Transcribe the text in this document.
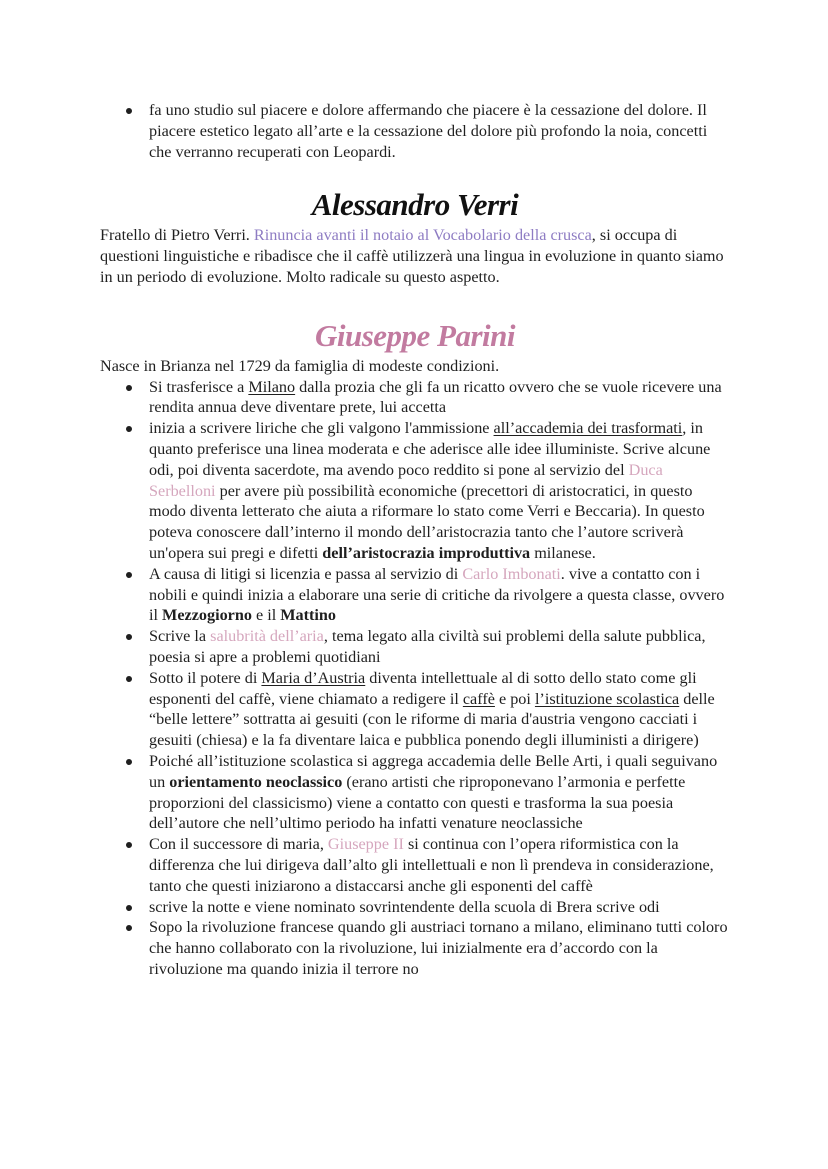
fa uno studio sul piacere e dolore affermando che piacere è la cessazione del dolore. Il piacere estetico legato all’arte e la cessazione del dolore più profondo la noia, concetti che verranno recuperati con Leopardi.
Alessandro Verri

Fratello di Pietro Verri. Rinuncia avanti il notaio al Vocabolario della crusca, si occupa di questioni linguistiche e ribadisce che il caffè utilizzerà una lingua in evoluzione in quanto siamo in un periodo di evoluzione. Molto radicale su questo aspetto.

Giuseppe Parini

Nasce in Brianza nel 1729 da famiglia di modeste condizioni.

Si trasferisce a Milano dalla prozia che gli fa un ricatto ovvero che se vuole ricevere una rendita annua deve diventare prete, lui accetta
inizia a scrivere liriche che gli valgono l'ammissione all’accademia dei trasformati, in quanto preferisce una linea moderata e che aderisce alle idee illuministe. Scrive alcune odi, poi diventa sacerdote, ma avendo poco reddito si pone al servizio del Duca Serbelloni per avere più possibilità economiche (precettori di aristocratici, in questo modo diventa letterato che aiuta a riformare lo stato come Verri e Beccaria). In questo poteva conoscere dall’interno il mondo dell’aristocrazia tanto che l’autore scriverà un'opera sui pregi e difetti dell’aristocrazia improduttiva milanese.
A causa di litigi si licenzia e passa al servizio di Carlo Imbonati. vive a contatto con i nobili e quindi inizia a elaborare una serie di critiche da rivolgere a questa classe, ovvero il Mezzogiorno e il Mattino
Scrive la salubrità dell’aria, tema legato alla civiltà sui problemi della salute pubblica, poesia si apre a problemi quotidiani
Sotto il potere di Maria d’Austria diventa intellettuale al di sotto dello stato come gli esponenti del caffè, viene chiamato a redigere il caffè e poi l’istituzione scolastica delle “belle lettere” sottratta ai gesuiti (con le riforme di maria d'austria vengono cacciati i gesuiti (chiesa) e la fa diventare laica e pubblica ponendo degli illuministi a dirigere)
Poiché all’istituzione scolastica si aggrega accademia delle Belle Arti, i quali seguivano un orientamento neoclassico (erano artisti che riproponevano l’armonia e perfette proporzioni del classicismo) viene a contatto con questi e trasforma la sua poesia dell’autore che nell’ultimo periodo ha infatti venature neoclassiche
Con il successore di maria, Giuseppe II si continua con l’opera riformistica con la differenza che lui dirigeva dall’alto gli intellettuali e non lì prendeva in considerazione, tanto che questi iniziarono a distaccarsi anche gli esponenti del caffè
scrive la notte e viene nominato sovrintendente della scuola di Brera scrive odi
Sopo la rivoluzione francese quando gli austriaci tornano a milano, eliminano tutti coloro che hanno collaborato con la rivoluzione, lui inizialmente era d’accordo con la rivoluzione ma quando inizia il terrore no
